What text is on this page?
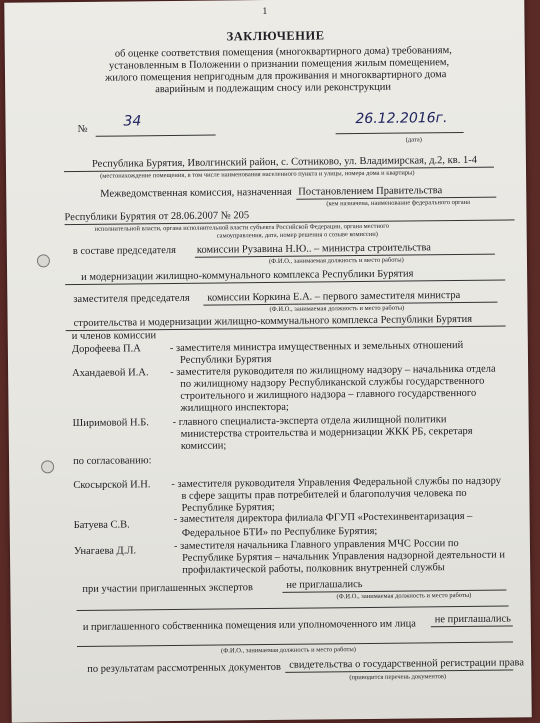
1
ЗАКЛЮЧЕНИЕ
об оценке соответствия помещения (многоквартирного дома) требованиям,
установленным в Положении о признании помещения жилым помещением,
жилого помещения непригодным для проживания и многоквартирного дома
аварийным и подлежащим сносу или реконструкции
№	34	26.12.2016г.
(дата)
Республика Бурятия, Иволгинский район, с. Сотниково, ул. Владимирская, д.2, кв. 1-4
(местонахождение помещения, в том числе наименования населенного пункта и улицы, номера дома и квартиры)
Межведомственная комиссия, назначенная Постановлением Правительства
(кем назначена, наименование федерального органа
Республики Бурятия от 28.06.2007 № 205
исполнительной власти, органа исполнительной власти субъекта Российской Федерации, органа местного
самоуправления, дата, номер решения о созыве комиссии)
в составе председателя комиссии Рузавина Н.Ю.. – министра строительства
(Ф.И.О., занимаемая должность и место работы)
и модернизации жилищно-коммунального комплекса Республики Бурятия
заместителя председателя комиссии Коркина Е.А. – первого заместителя министра
(Ф.И.О., занимаемая должность и место работы)
строительства и модернизации жилищно-коммунального комплекса Республики Бурятия
и членов комиссии
Дорофеева П.А	- заместителя министра имущественных и земельных отношений
Республики Бурятия
Ахандаевой И.А. - заместителя руководителя по жилищному надзору – начальника отдела
по жилищному надзору Республиканской службы государственного
строительного и жилищного надзора – главного государственного
жилищного инспектора;
Ширимовой Н.Б. - главного специалиста-эксперта отдела жилищной политики
министерства строительства и модернизации ЖКК РБ, секретаря
комиссии;
по согласованию:
Скосырской И.Н. - заместителя руководителя Управления Федеральной службы по надзору
в сфере защиты прав потребителей и благополучия человека по
Республике Бурятия;
Батуева С.В.
- заместителя директора филиала ФГУП «Ростехинвентаризация –
Федеральное БТИ» по Республике Бурятия;
Унагаева Д.Л.	- заместителя начальника Главного управления МЧС России по
Республике Бурятия – начальник Управления надзорной деятельности и
профилактической работы, полковник внутренней службы
при участии приглашенных экспертов	не приглашались
(Ф.И.О., занимаемая должность и место работы)
и приглашенного собственника помещения или уполномоченного им лица не приглашались
(Ф.И.О., занимаемая должность и место работы)
по результатам рассмотренных документов свидетельства о государственной регистрации права
(приводится перечень документов)
